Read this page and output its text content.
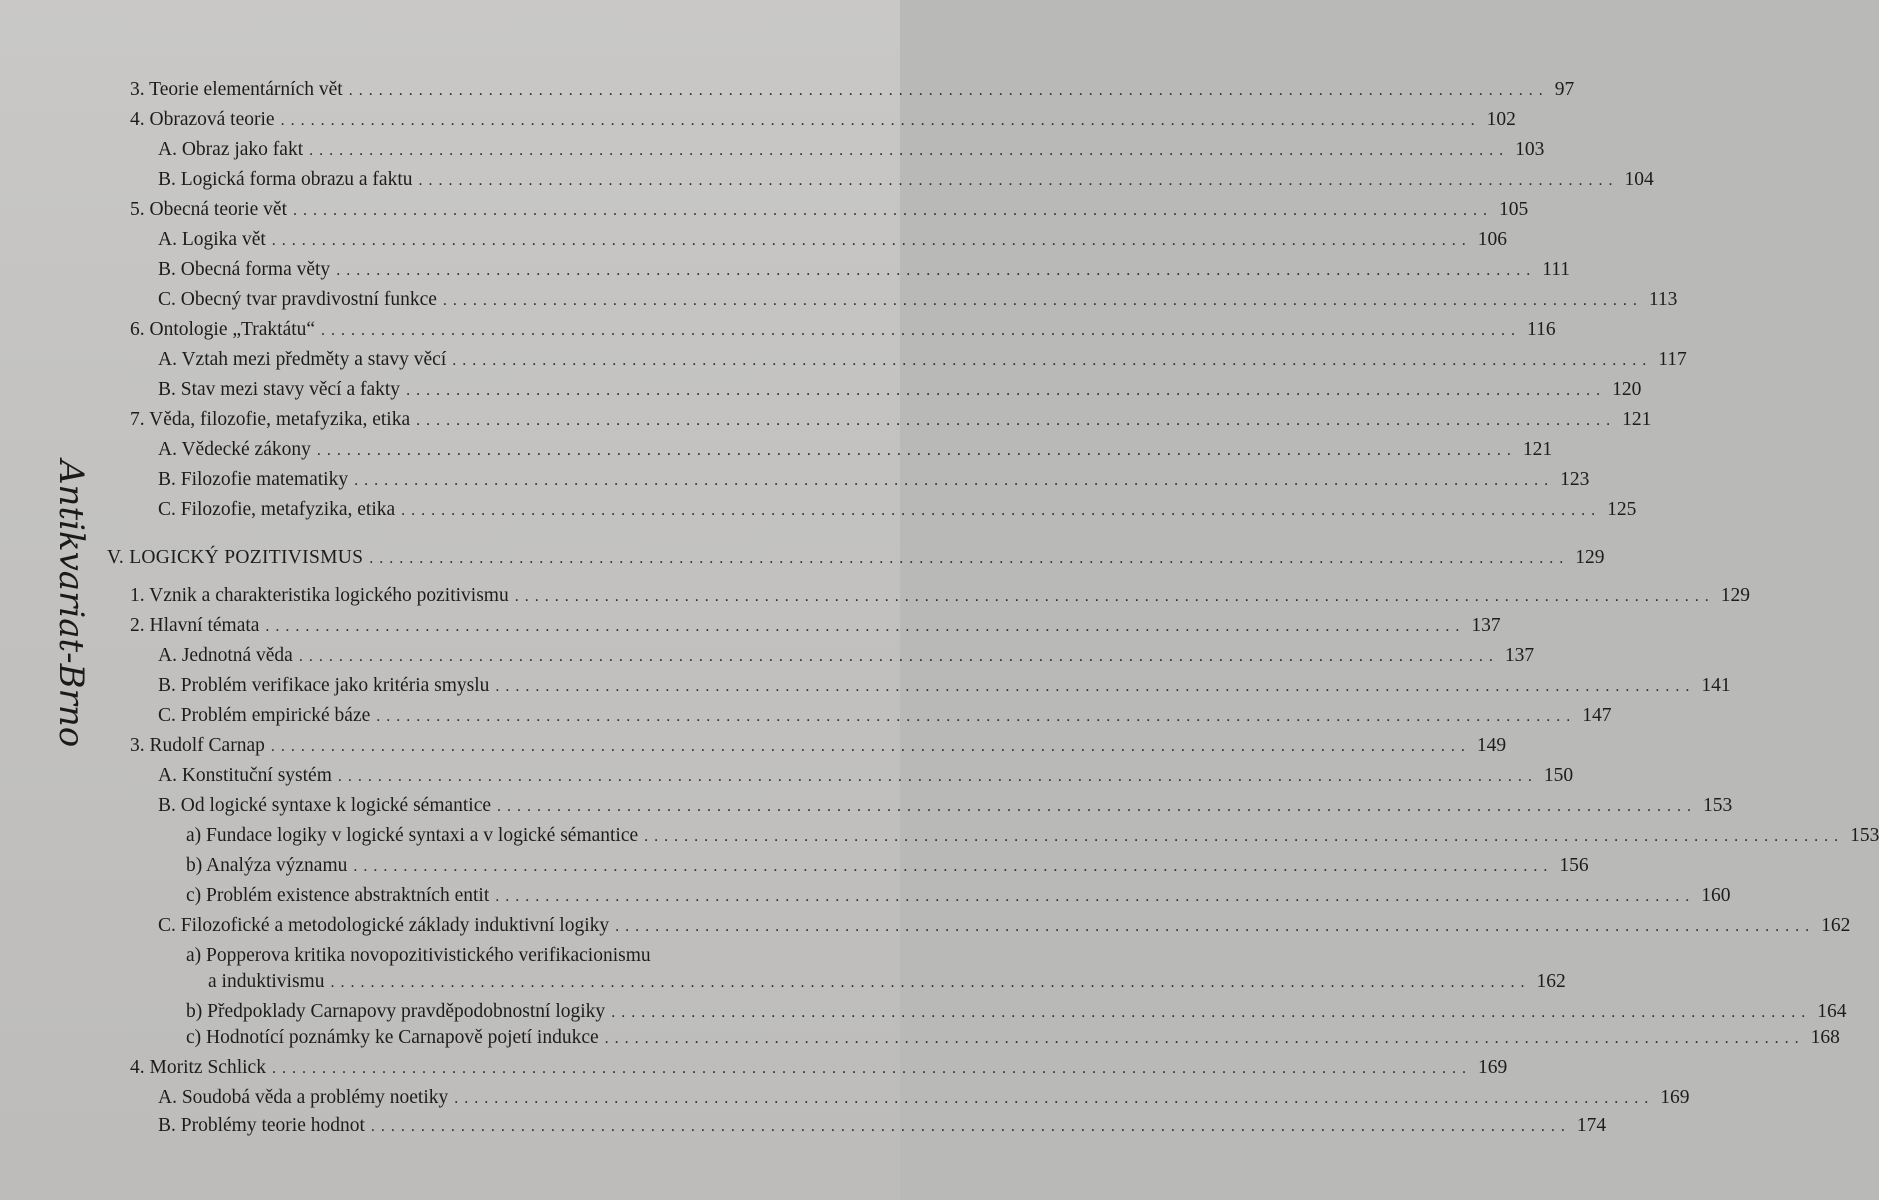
3. Teorie elementárních vět ........................................................................................................................ 97
4. Obrazová teorie ........................................................................................................................ 102
A. Obraz jako fakt ........................................................................................................................ 103
B. Logická forma obrazu a faktu ........................................................................................................................ 104
5. Obecná teorie vět ........................................................................................................................ 105
A. Logika vět ........................................................................................................................ 106
B. Obecná forma věty ........................................................................................................................ 111
C. Obecný tvar pravdivostní funkce ........................................................................................................................ 113
6. Ontologie „Traktátu“ ........................................................................................................................ 116
A. Vztah mezi předměty a stavy věcí ........................................................................................................................ 117
B. Stav mezi stavy věcí a fakty ........................................................................................................................ 120
7. Věda, filozofie, metafyzika, etika ........................................................................................................................ 121
A. Vědecké zákony ........................................................................................................................ 121
B. Filozofie matematiky ........................................................................................................................ 123
C. Filozofie, metafyzika, etika ........................................................................................................................ 125
V. LOGICKÝ POZITIVISMUS ........................................................................................................................ 129
1. Vznik a charakteristika logického pozitivismu ........................................................................................................................ 129
2. Hlavní témata ........................................................................................................................ 137
A. Jednotná věda ........................................................................................................................ 137
B. Problém verifikace jako kritéria smyslu ........................................................................................................................ 141
C. Problém empirické báze ........................................................................................................................ 147
3. Rudolf Carnap ........................................................................................................................ 149
A. Konstituční systém ........................................................................................................................ 150
B. Od logické syntaxe k logické sémantice ........................................................................................................................ 153
a) Fundace logiky v logické syntaxi a v logické sémantice ........................................................................................................................ 153
b) Analýza významu ........................................................................................................................ 156
c) Problém existence abstraktních entit ........................................................................................................................ 160
C. Filozofické a metodologické základy induktivní logiky ........................................................................................................................ 162
a) Popperova kritika novopozitivistického verifikacionismu
a induktivismu ........................................................................................................................ 162
b) Předpoklady Carnapovy pravděpodobnostní logiky ........................................................................................................................ 164
c) Hodnotící poznámky ke Carnapově pojetí indukce ........................................................................................................................ 168
4. Moritz Schlick ........................................................................................................................ 169
A. Soudobá věda a problémy noetiky ........................................................................................................................ 169
B. Problémy teorie hodnot ........................................................................................................................ 174
Antikvariat-Brno
